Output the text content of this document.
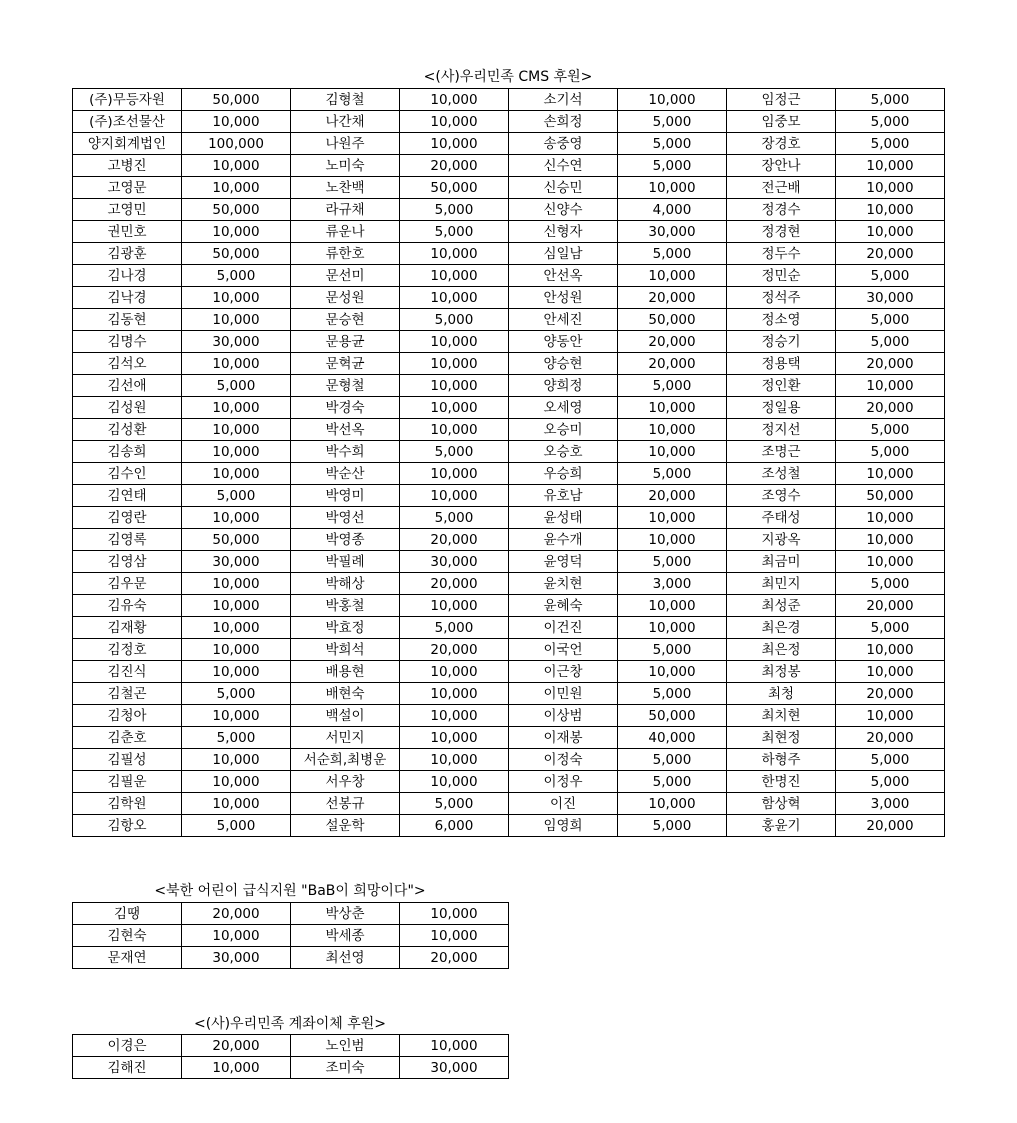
<(사)우리민족 CMS 후원>
(주)무등자원	50,000	김형철	10,000	소기석	10,000	임정근	5,000
(주)조선물산	10,000	나간채	10,000	손희정	5,000	임중모	5,000
양지회계법인	100,000	나원주	10,000	송중영	5,000	장경호	5,000
고병진	10,000	노미숙	20,000	신수연	5,000	장안나	10,000
고영문	10,000	노찬백	50,000	신승민	10,000	전근배	10,000
고영민	50,000	라규채	5,000	신양수	4,000	정경수	10,000
권민호	10,000	류운나	5,000	신형자	30,000	정경현	10,000
김광훈	50,000	류한호	10,000	심일남	5,000	정두수	20,000
김나경	5,000	문선미	10,000	안선옥	10,000	정민순	5,000
김낙경	10,000	문성원	10,000	안성원	20,000	정석주	30,000
김동현	10,000	문승현	5,000	안세진	50,000	정소영	5,000
김명수	30,000	문용균	10,000	양동안	20,000	정승기	5,000
김석오	10,000	문혁균	10,000	양승현	20,000	정용택	20,000
김선애	5,000	문형철	10,000	양희정	5,000	정인환	10,000
김성원	10,000	박경숙	10,000	오세영	10,000	정일용	20,000
김성환	10,000	박선옥	10,000	오승미	10,000	정지선	5,000
김송희	10,000	박수희	5,000	오승호	10,000	조명근	5,000
김수인	10,000	박순산	10,000	우승희	5,000	조성철	10,000
김연태	5,000	박영미	10,000	유호남	20,000	조영수	50,000
김영란	10,000	박영선	5,000	윤성태	10,000	주태성	10,000
김영록	50,000	박영종	20,000	윤수개	10,000	지광옥	10,000
김영삼	30,000	박필례	30,000	윤영덕	5,000	최금미	10,000
김우문	10,000	박해상	20,000	윤치현	3,000	최민지	5,000
김유숙	10,000	박홍철	10,000	윤혜숙	10,000	최성준	20,000
김재황	10,000	박효정	5,000	이건진	10,000	최은경	5,000
김정호	10,000	박희석	20,000	이국언	5,000	최은정	10,000
김진식	10,000	배용현	10,000	이근창	10,000	최정봉	10,000
김철곤	5,000	배현숙	10,000	이민원	5,000	최청	20,000
김청아	10,000	백설이	10,000	이상범	50,000	최치현	10,000
김춘호	5,000	서민지	10,000	이재봉	40,000	최현정	20,000
김필성	10,000	서순희,최병운	10,000	이정숙	5,000	하형주	5,000
김필운	10,000	서우창	10,000	이정우	5,000	한명진	5,000
김학원	10,000	선봉규	5,000	이진	10,000	함상혁	3,000
김항오	5,000	설운학	6,000	임영희	5,000	홍윤기	20,000
<북한 어린이 급식지원 "BaB이 희망이다">
김땡	20,000	박상춘	10,000
김현숙	10,000	박세종	10,000
문재연	30,000	최선영	20,000
<(사)우리민족 계좌이체 후원>
이경은	20,000	노인범	10,000
김해진	10,000	조미숙	30,000
